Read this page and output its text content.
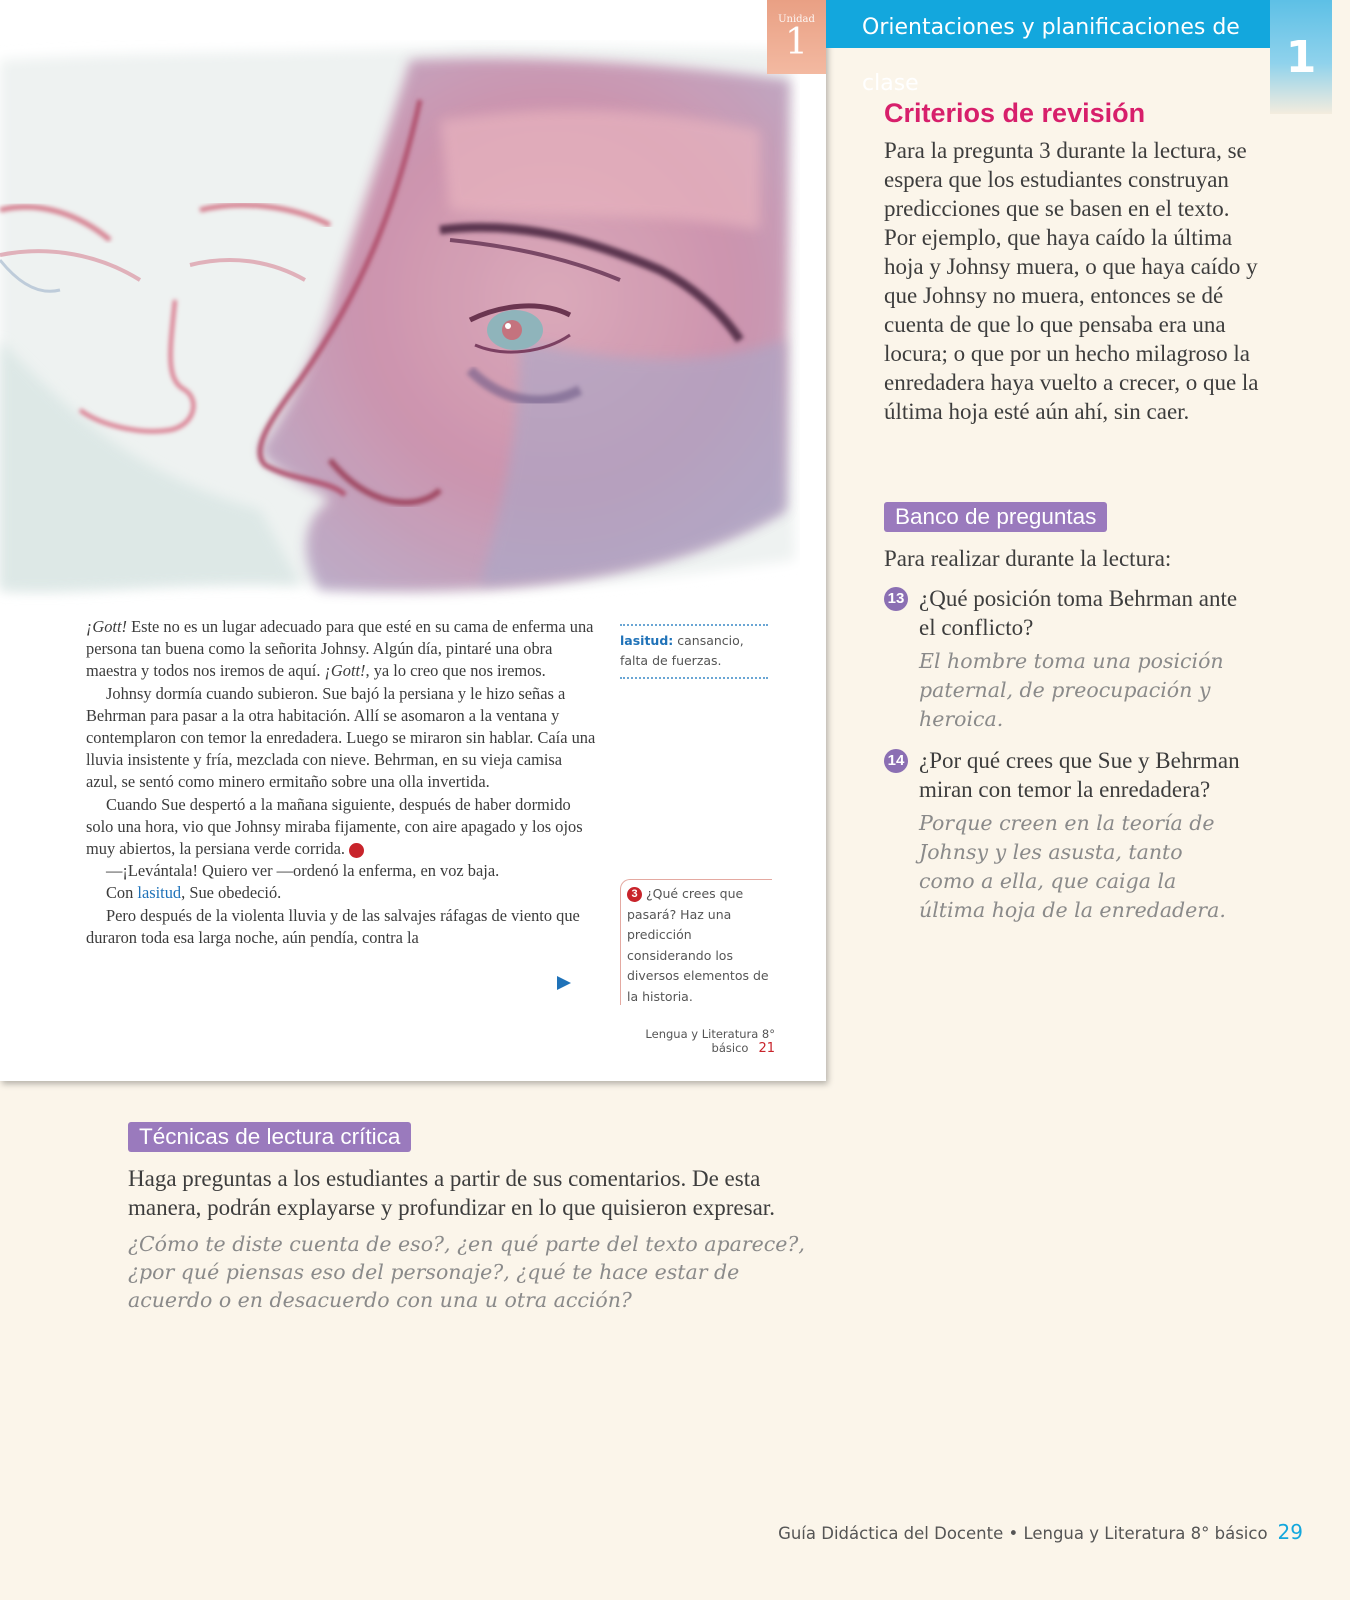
Unidad
1

¡Gott! Este no es un lugar adecuado para que esté en su cama de enferma una persona tan buena como la señorita Johnsy. Algún día, pintaré una obra maestra y todos nos iremos de aquí. ¡Gott!, ya lo creo que nos iremos.

Johnsy dormía cuando subieron. Sue bajó la persiana y le hizo señas a Behrman para pasar a la otra habitación. Allí se asomaron a la ventana y contemplaron con temor la enredadera. Luego se miraron sin hablar. Caía una lluvia insistente y fría, mezclada con nieve. Behrman, en su vieja camisa azul, se sentó como minero ermitaño sobre una olla invertida.

Cuando Sue despertó a la mañana siguiente, después de haber dormido solo una hora, vio que Johnsy miraba fijamente, con aire apagado y los ojos muy abiertos, la persiana verde corrida. 3

—¡Levántala! Quiero ver —ordenó la enferma, en voz baja.

Con lasitud, Sue obedeció.

Pero después de la violenta lluvia y de las salvajes ráfagas de viento que duraron toda esa larga noche, aún pendía, contra la

lasitud: cansancio, falta de fuerzas.
3 ¿Qué crees que pasará? Haz una predicción considerando los diversos elementos de la historia.
Lengua y Literatura 8° básico 21
Orientaciones y planificaciones de clase
1
Criterios de revisión
Para la pregunta 3 durante la lectura, se espera que los estudiantes construyan predicciones que se basen en el texto. Por ejemplo, que haya caído la última hoja y Johnsy muera, o que haya caído y que Johnsy no muera, entonces se dé cuenta de que lo que pensaba era una locura; o que por un hecho milagroso la enredadera haya vuelto a crecer, o que la última hoja esté aún ahí, sin caer.
Banco de preguntas
Para realizar durante la lectura:
13 ¿Qué posición toma Behrman ante el conflicto?
El hombre toma una posición paternal, de preocupación y heroica.
14 ¿Por qué crees que Sue y Behrman miran con temor la enredadera?
Porque creen en la teoría de Johnsy y les asusta, tanto como a ella, que caiga la última hoja de la enredadera.
Técnicas de lectura crítica
Haga preguntas a los estudiantes a partir de sus comentarios. De esta manera, podrán explayarse y profundizar en lo que quisieron expresar.
¿Cómo te diste cuenta de eso?, ¿en qué parte del texto aparece?, ¿por qué piensas eso del personaje?, ¿qué te hace estar de acuerdo o en desacuerdo con una u otra acción?
Guía Didáctica del Docente • Lengua y Literatura 8° básico 29
